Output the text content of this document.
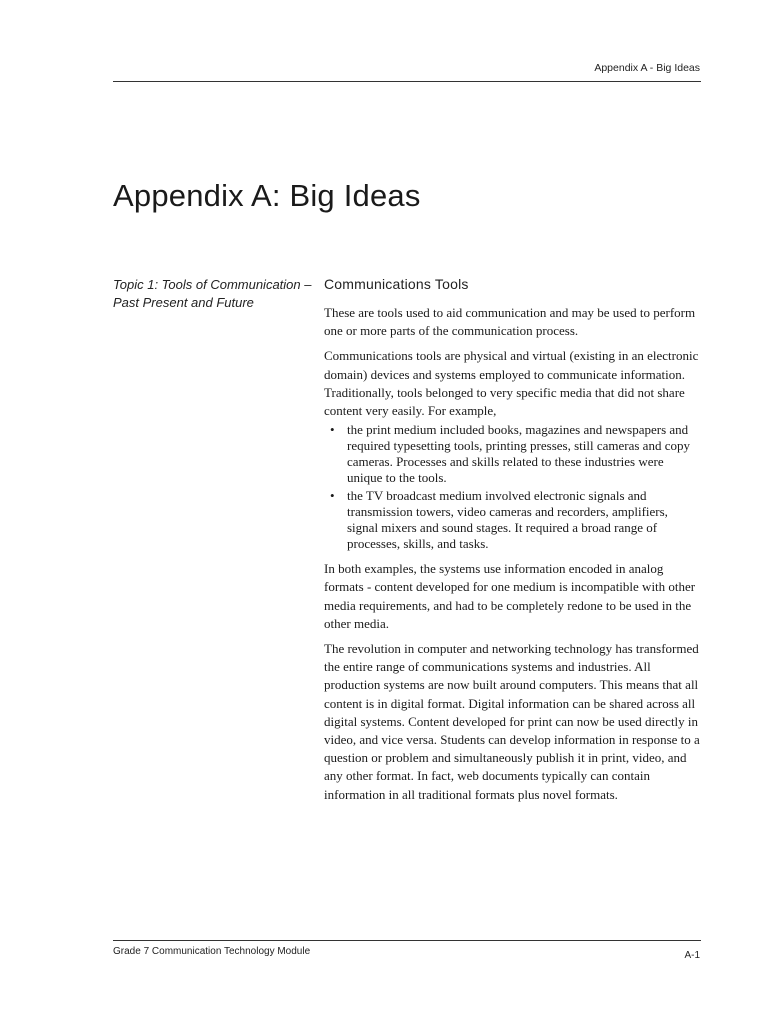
Appendix A - Big Ideas
Appendix A: Big Ideas
Topic 1: Tools of Communication – Past Present and Future
Communications Tools

These are tools used to aid communication and may be used to perform one or more parts of the communication process.

Communications tools are physical and virtual (existing in an electronic domain) devices and systems employed to communicate information. Traditionally, tools belonged to very specific media that did not share content very easily. For example,

• the print medium included books, magazines and newspapers and required typesetting tools, printing presses, still cameras and copy cameras. Processes and skills related to these industries were unique to the tools.
• the TV broadcast medium involved electronic signals and transmission towers, video cameras and recorders, amplifiers, signal mixers and sound stages. It required a broad range of processes, skills, and tasks.

In both examples, the systems use information encoded in analog formats - content developed for one medium is incompatible with other media requirements, and had to be completely redone to be used in the other media.

The revolution in computer and networking technology has transformed the entire range of communications systems and industries. All production systems are now built around computers. This means that all content is in digital format. Digital information can be shared across all digital systems. Content developed for print can now be used directly in video, and vice versa. Students can develop information in response to a question or problem and simultaneously publish it in print, video, and any other format. In fact, web documents typically can contain information in all traditional formats plus novel formats.

Grade 7 Communication Technology Module	A-1
